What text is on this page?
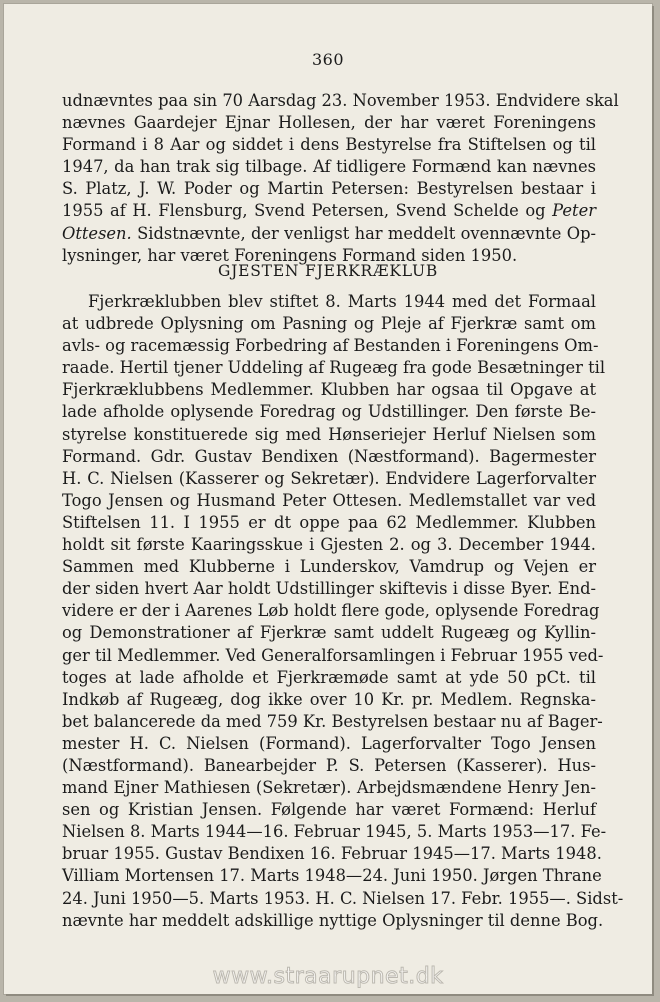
360
udnævntes paa sin 70 Aarsdag 23. November 1953. Endvidere skal
nævnes Gaardejer Ejnar Hollesen, der har været Foreningens
Formand i 8 Aar og siddet i dens Bestyrelse fra Stiftelsen og til
1947, da han trak sig tilbage. Af tidligere Formænd kan nævnes
S. Platz, J. W. Poder og Martin Petersen: Bestyrelsen bestaar i
1955 af H. Flensburg, Svend Petersen, Svend Schelde og Peter
Ottesen. Sidstnævnte, der venligst har meddelt ovennævnte Op-
lysninger, har været Foreningens Formand siden 1950.
GJESTEN FJERKRÆKLUB
Fjerkræklubben blev stiftet 8. Marts 1944 med det Formaal
at udbrede Oplysning om Pasning og Pleje af Fjerkræ samt om
avls- og racemæssig Forbedring af Bestanden i Foreningens Om-
raade. Hertil tjener Uddeling af Rugeæg fra gode Besætninger til
Fjerkræklubbens Medlemmer. Klubben har ogsaa til Opgave at
lade afholde oplysende Foredrag og Udstillinger. Den første Be-
styrelse konstituerede sig med Hønseriejer Herluf Nielsen som
Formand. Gdr. Gustav Bendixen (Næstformand). Bagermester
H. C. Nielsen (Kasserer og Sekretær). Endvidere Lagerforvalter
Togo Jensen og Husmand Peter Ottesen. Medlemstallet var ved
Stiftelsen 11. I 1955 er dt oppe paa 62 Medlemmer. Klubben
holdt sit første Kaaringsskue i Gjesten 2. og 3. December 1944.
Sammen med Klubberne i Lunderskov, Vamdrup og Vejen er
der siden hvert Aar holdt Udstillinger skiftevis i disse Byer. End-
videre er der i Aarenes Løb holdt flere gode, oplysende Foredrag
og Demonstrationer af Fjerkræ samt uddelt Rugeæg og Kyllin-
ger til Medlemmer. Ved Generalforsamlingen i Februar 1955 ved-
toges at lade afholde et Fjerkræmøde samt at yde 50 pCt. til
Indkøb af Rugeæg, dog ikke over 10 Kr. pr. Medlem. Regnska-
bet balancerede da med 759 Kr. Bestyrelsen bestaar nu af Bager-
mester H. C. Nielsen (Formand). Lagerforvalter Togo Jensen
(Næstformand). Banearbejder P. S. Petersen (Kasserer). Hus-
mand Ejner Mathiesen (Sekretær). Arbejdsmændene Henry Jen-
sen og Kristian Jensen. Følgende har været Formænd: Herluf
Nielsen 8. Marts 1944—16. Februar 1945, 5. Marts 1953—17. Fe-
bruar 1955. Gustav Bendixen 16. Februar 1945—17. Marts 1948.
Villiam Mortensen 17. Marts 1948—24. Juni 1950. Jørgen Thrane
24. Juni 1950—5. Marts 1953. H. C. Nielsen 17. Febr. 1955—. Sidst-
nævnte har meddelt adskillige nyttige Oplysninger til denne Bog.
www.straarupnet.dk
